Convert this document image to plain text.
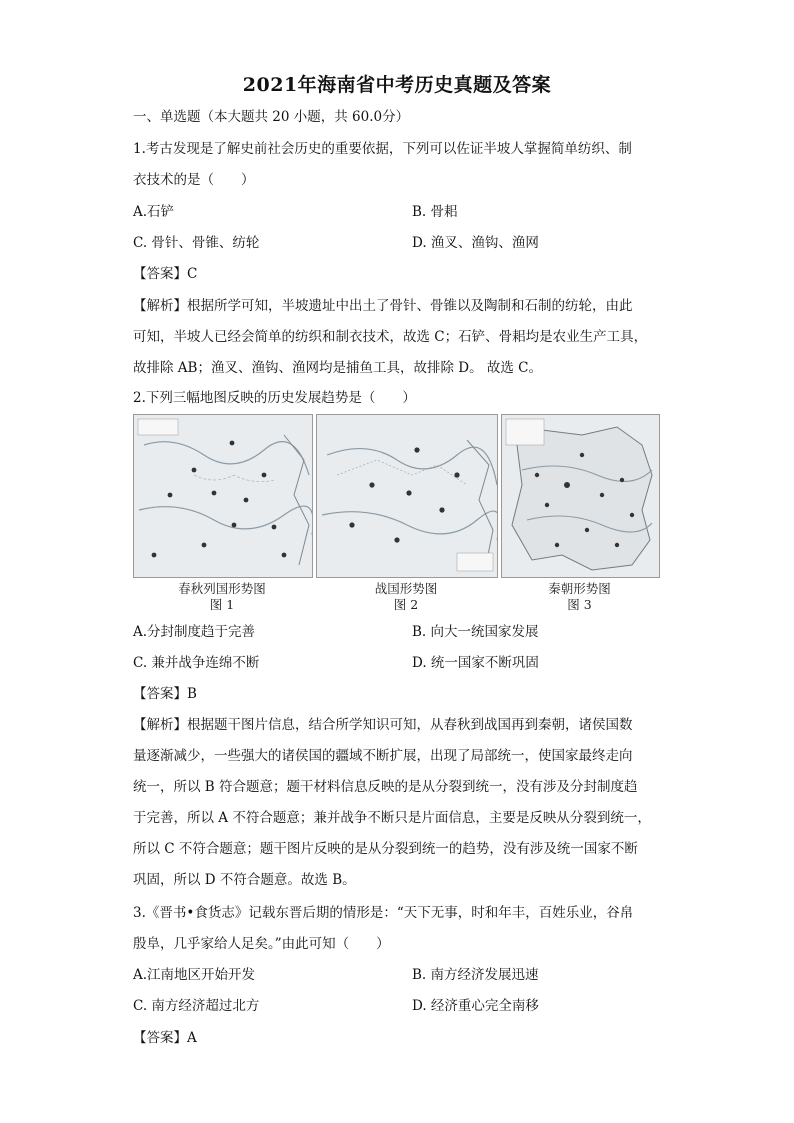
2021年海南省中考历史真题及答案
一、单选题（本大题共 20 小题，共 60.0分）
1.考古发现是了解史前社会历史的重要依据，下列可以佐证半坡人掌握简单纺织、制
衣技术的是（　　）
A.石铲	B. 骨耜
C. 骨针、骨锥、纺轮	D. 渔叉、渔钩、渔网
【答案】C
【解析】根据所学可知，半坡遗址中出土了骨针、骨锥以及陶制和石制的纺轮，由此
可知，半坡人已经会简单的纺织和制衣技术，故选 C；石铲、骨耜均是农业生产工具，
故排除 AB；渔叉、渔钩、渔网均是捕鱼工具，故排除 D。 故选 C。
2.下列三幅地图反映的历史发展趋势是（　　）
春秋列国形势图
图 1
战国形势图
图 2
秦朝形势图
图 3
A.分封制度趋于完善	B. 向大一统国家发展
C. 兼并战争连绵不断	D. 统一国家不断巩固
【答案】B
【解析】根据题干图片信息，结合所学知识可知，从春秋到战国再到秦朝，诸侯国数
量逐渐减少，一些强大的诸侯国的疆域不断扩展，出现了局部统一，使国家最终走向
统一，所以 B 符合题意；题干材料信息反映的是从分裂到统一，没有涉及分封制度趋
于完善，所以 A 不符合题意；兼并战争不断只是片面信息，主要是反映从分裂到统一，
所以 C 不符合题意；题干图片反映的是从分裂到统一的趋势，没有涉及统一国家不断
巩固，所以 D 不符合题意。故选 B。
3.《晋书•食货志》记载东晋后期的情形是：“天下无事，时和年丰，百姓乐业，谷帛
殷阜，几乎家给人足矣。”由此可知（　　）
A.江南地区开始开发	B. 南方经济发展迅速
C. 南方经济超过北方	D. 经济重心完全南移
【答案】A
